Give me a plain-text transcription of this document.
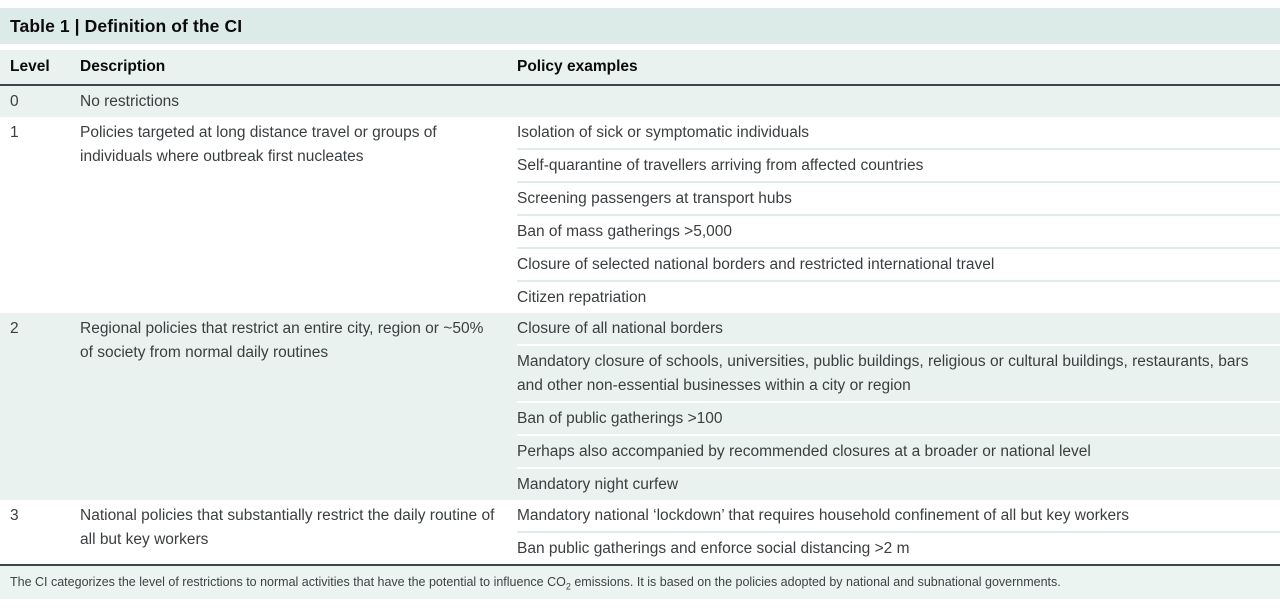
Table 1 | Definition of the CI
Level	Description	Policy examples
0	No restrictions
1	Policies targeted at long distance travel or groups of individuals where outbreak first nucleates
Isolation of sick or symptomatic individuals
Self-quarantine of travellers arriving from affected countries
Screening passengers at transport hubs
Ban of mass gatherings >5,000
Closure of selected national borders and restricted international travel
Citizen repatriation
2	Regional policies that restrict an entire city, region or ~50% of society from normal daily routines
Closure of all national borders
Mandatory closure of schools, universities, public buildings, religious or cultural buildings, restaurants, bars and other non-essential businesses within a city or region
Ban of public gatherings >100
Perhaps also accompanied by recommended closures at a broader or national level
Mandatory night curfew
3	National policies that substantially restrict the daily routine of all but key workers
Mandatory national ‘lockdown’ that requires household confinement of all but key workers
Ban public gatherings and enforce social distancing >2 m
The CI categorizes the level of restrictions to normal activities that have the potential to influence $CO_2$ emissions. It is based on the policies adopted by national and subnational governments.
